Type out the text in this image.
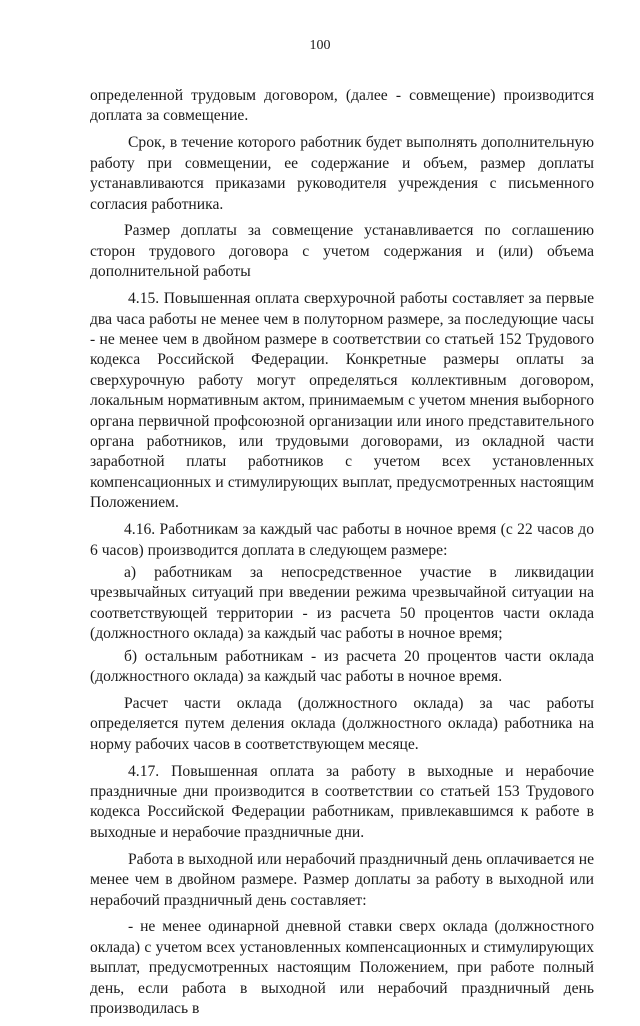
100

определенной трудовым договором, (далее - совмещение) производится доплата за совмещение.

Срок, в течение которого работник будет выполнять дополнительную работу при совмещении, ее содержание и объем, размер доплаты устанавливаются приказами руководителя учреждения с письменного согласия работника.

Размер доплаты за совмещение устанавливается по соглашению сторон трудового договора с учетом содержания и (или) объема дополнительной работы

4.15. Повышенная оплата сверхурочной работы составляет за первые два часа работы не менее чем в полуторном размере, за последующие часы - не менее чем в двойном размере в соответствии со статьей 152 Трудового кодекса Российской Федерации. Конкретные размеры оплаты за сверхурочную работу могут определяться коллективным договором, локальным нормативным актом, принимаемым с учетом мнения выборного органа первичной профсоюзной организации или иного представительного органа работников, или трудовыми договорами, из окладной части заработной платы работников с учетом всех установленных компенсационных и стимулирующих выплат, предусмотренных настоящим Положением.

4.16. Работникам за каждый час работы в ночное время (с 22 часов до 6 часов) производится доплата в следующем размере:

а) работникам за непосредственное участие в ликвидации чрезвычайных ситуаций при введении режима чрезвычайной ситуации на соответствующей территории - из расчета 50 процентов части оклада (должностного оклада) за каждый час работы в ночное время;

б) остальным работникам - из расчета 20 процентов части оклада (должностного оклада) за каждый час работы в ночное время.

Расчет части оклада (должностного оклада) за час работы определяется путем деления оклада (должностного оклада) работника на норму рабочих часов в соответствующем месяце.

4.17. Повышенная оплата за работу в выходные и нерабочие праздничные дни производится в соответствии со статьей 153 Трудового кодекса Российской Федерации работникам, привлекавшимся к работе в выходные и нерабочие праздничные дни.

Работа в выходной или нерабочий праздничный день оплачивается не менее чем в двойном размере. Размер доплаты за работу в выходной или нерабочий праздничный день составляет:

- не менее одинарной дневной ставки сверх оклада (должностного оклада) с учетом всех установленных компенсационных и стимулирующих выплат, предусмотренных настоящим Положением, при работе полный день, если работа в выходной или нерабочий праздничный день производилась в
